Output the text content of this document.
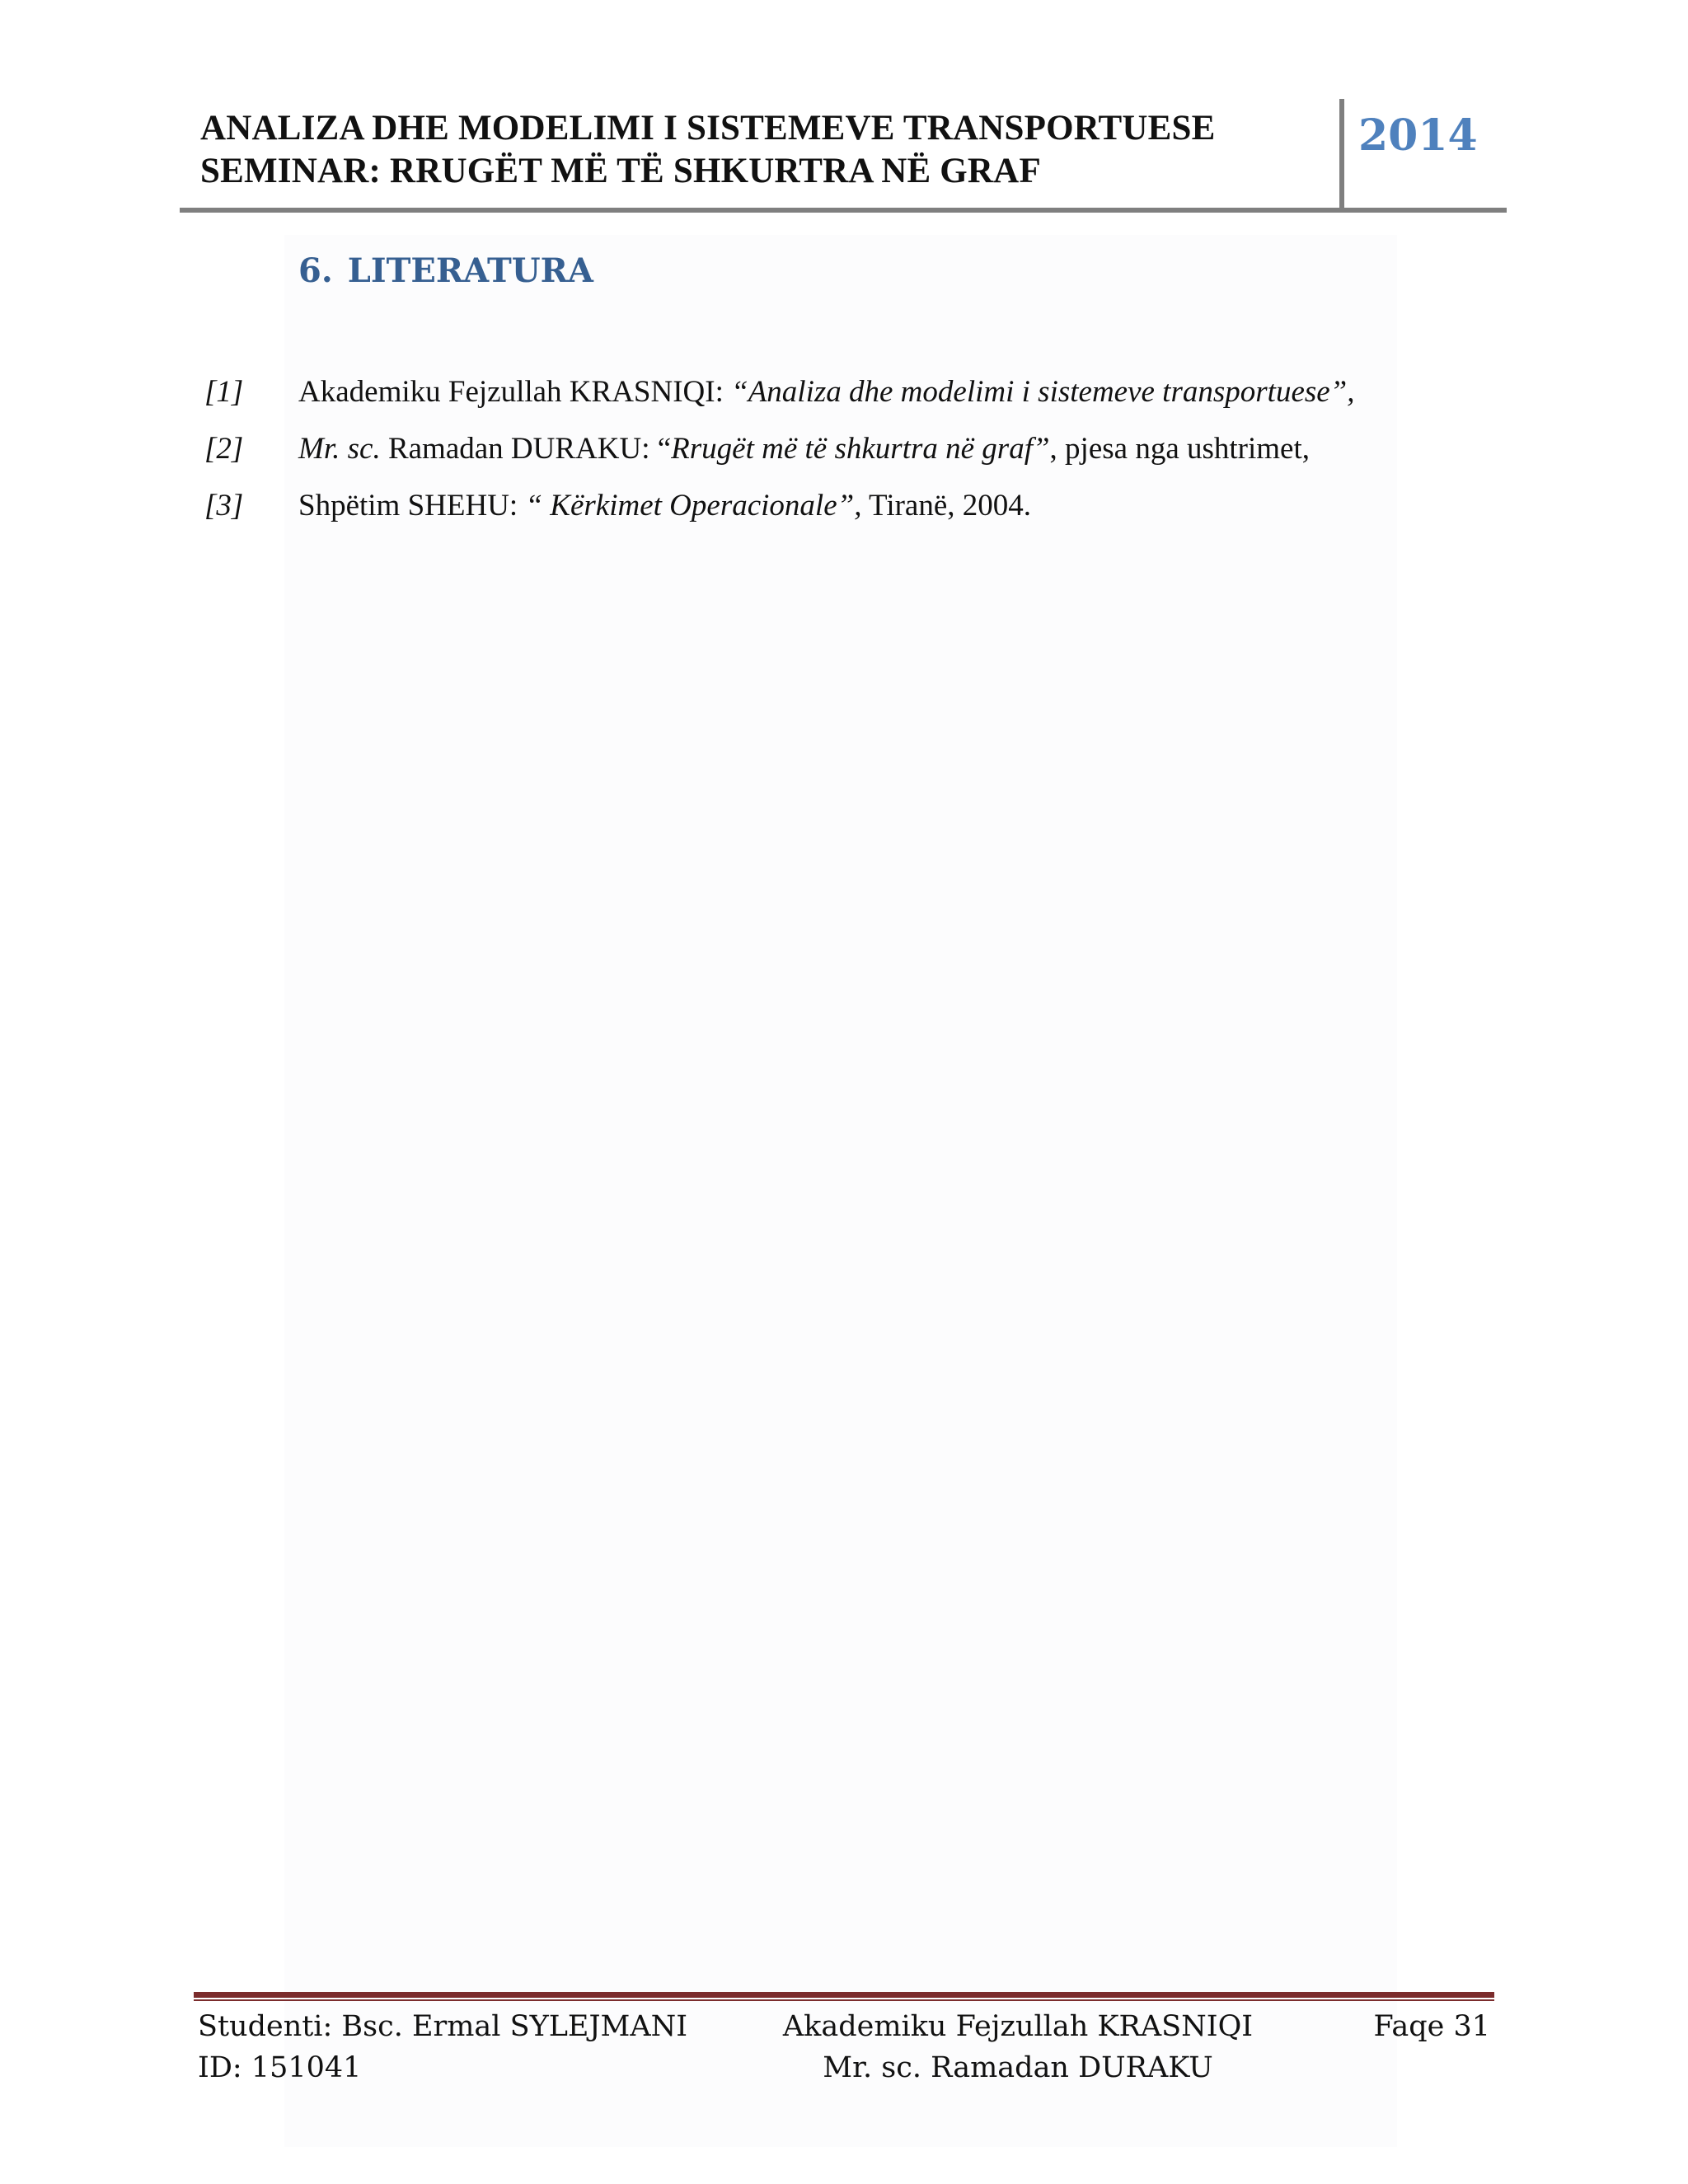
ANALIZA DHE MODELIMI I SISTEMEVE TRANSPORTUESE
SEMINAR: RRUGËT MË TË SHKURTRA NË GRAF
2014
6. LITERATURA
[1] Akademiku Fejzullah KRASNIQI: “Analiza dhe modelimi i sistemeve transportuese”,
[2] Mr. sc. Ramadan DURAKU: “Rrugët më të shkurtra në graf”, pjesa nga ushtrimet,
[3] Shpëtim SHEHU: “ Kërkimet Operacionale”, Tiranë, 2004.
Studenti: Bsc. Ermal SYLEJMANI
ID: 151041
Akademiku Fejzullah KRASNIQI
Mr. sc. Ramadan DURAKU
Faqe 31
